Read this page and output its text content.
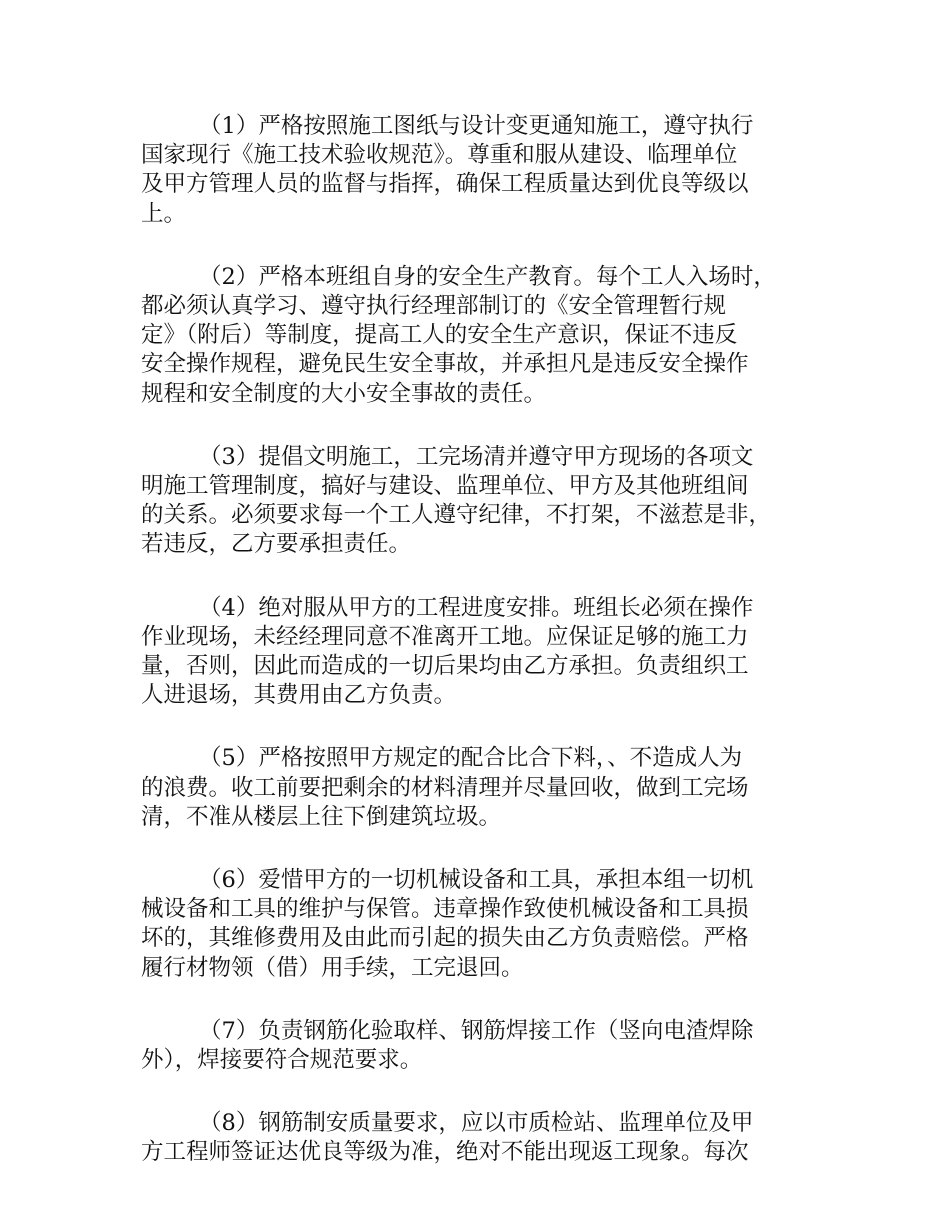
（1）严格按照施工图纸与设计变更通知施工，遵守执行
国家现行《施工技术验收规范》。尊重和服从建设、临理单位
及甲方管理人员的监督与指挥，确保工程质量达到优良等级以
上。
（2）严格本班组自身的安全生产教育。每个工人入场时，
都必须认真学习、遵守执行经理部制订的《安全管理暂行规
定》（附后）等制度，提高工人的安全生产意识，保证不违反
安全操作规程，避免民生安全事故，并承担凡是违反安全操作
规程和安全制度的大小安全事故的责任。
（3）提倡文明施工，工完场清并遵守甲方现场的各项文
明施工管理制度，搞好与建设、监理单位、甲方及其他班组间
的关系。必须要求每一个工人遵守纪律，不打架，不滋惹是非，
若违反，乙方要承担责任。
（4）绝对服从甲方的工程进度安排。班组长必须在操作
作业现场，未经经理同意不准离开工地。应保证足够的施工力
量，否则，因此而造成的一切后果均由乙方承担。负责组织工
人进退场，其费用由乙方负责。
（5）严格按照甲方规定的配合比合下料，、不造成人为
的浪费。收工前要把剩余的材料清理并尽量回收，做到工完场
清，不准从楼层上往下倒建筑垃圾。
（6）爱惜甲方的一切机械设备和工具，承担本组一切机
械设备和工具的维护与保管。违章操作致使机械设备和工具损
坏的，其维修费用及由此而引起的损失由乙方负责赔偿。严格
履行材物领（借）用手续，工完退回。
（7）负责钢筋化验取样、钢筋焊接工作（竖向电渣焊除
外），焊接要符合规范要求。
（8）钢筋制安质量要求，应以市质检站、监理单位及甲
方工程师签证达优良等级为准，绝对不能出现返工现象。每次
